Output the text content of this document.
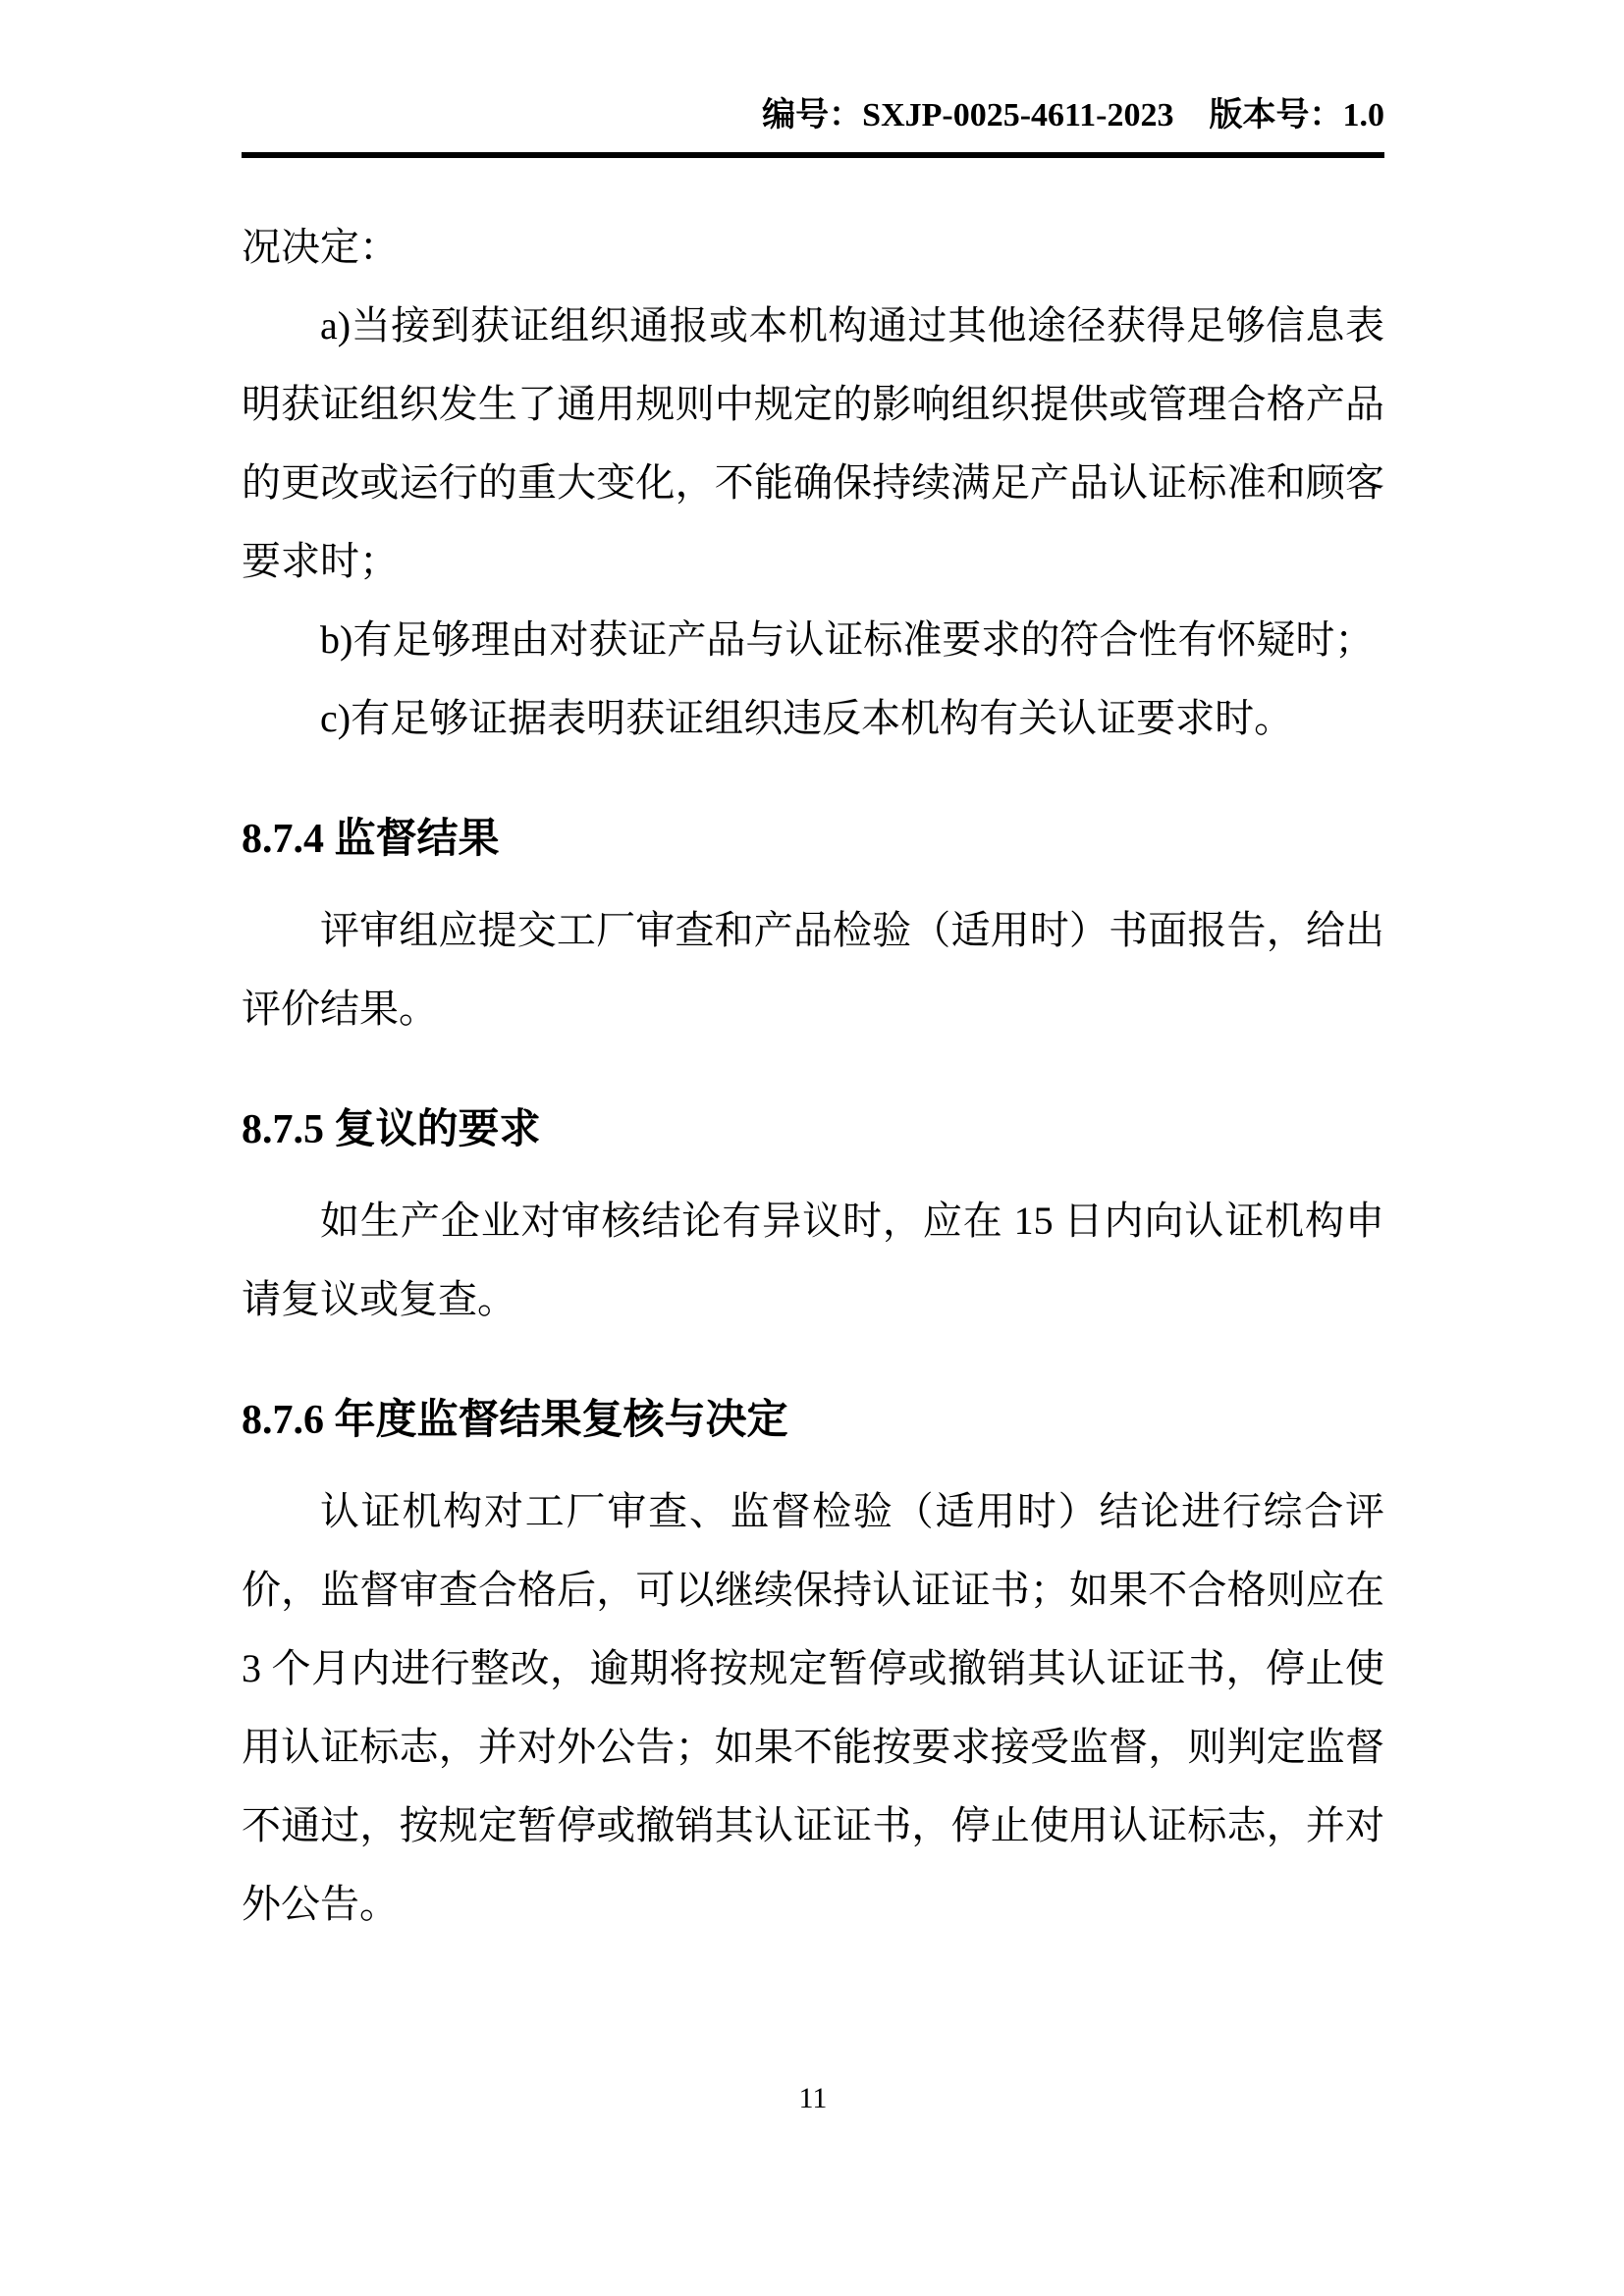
编号：SXJP-0025-4611-2023 版本号：1.0

况决定：

a)当接到获证组织通报或本机构通过其他途径获得足够信息表明获证组织发生了通用规则中规定的影响组织提供或管理合格产品的更改或运行的重大变化，不能确保持续满足产品认证标准和顾客要求时；

b)有足够理由对获证产品与认证标准要求的符合性有怀疑时；

c)有足够证据表明获证组织违反本机构有关认证要求时。

8.7.4 监督结果

评审组应提交工厂审查和产品检验（适用时）书面报告，给出评价结果。

8.7.5 复议的要求

如生产企业对审核结论有异议时，应在 15 日内向认证机构申请复议或复查。

8.7.6 年度监督结果复核与决定

认证机构对工厂审查、监督检验（适用时）结论进行综合评价，监督审查合格后，可以继续保持认证证书；如果不合格则应在 3 个月内进行整改，逾期将按规定暂停或撤销其认证证书，停止使用认证标志，并对外公告；如果不能按要求接受监督，则判定监督不通过，按规定暂停或撤销其认证证书，停止使用认证标志，并对外公告。

11
